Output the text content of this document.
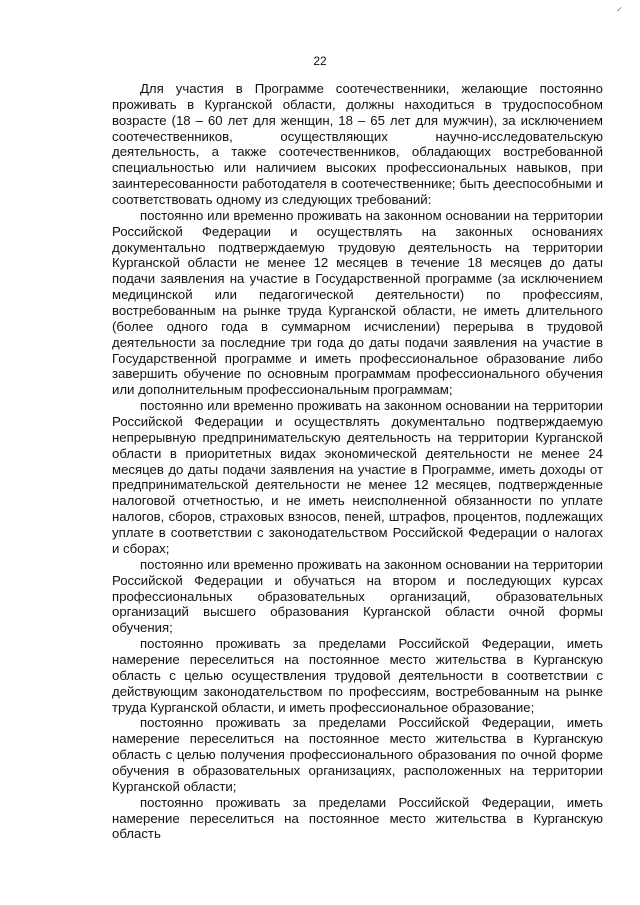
⸍
22

Для участия в Программе соотечественники, желающие постоянно проживать в Курганской области, должны находиться в трудоспособном возрасте (18 – 60 лет для женщин, 18 – 65 лет для мужчин), за исключением соотечественников, осуществляющих научно-исследовательскую деятельность, а также соотечественников, обладающих востребованной специальностью или наличием высоких профессиональных навыков, при заинтересованности работодателя в соотечественнике; быть дееспособными и соответствовать одному из следующих требований:

постоянно или временно проживать на законном основании на территории Российской Федерации и осуществлять на законных основаниях документально подтверждаемую трудовую деятельность на территории Курганской области не менее 12 месяцев в течение 18 месяцев до даты подачи заявления на участие в Государственной программе (за исключением медицинской или педагогической деятельности) по профессиям, востребованным на рынке труда Курганской области, не иметь длительного (более одного года в суммарном исчислении) перерыва в трудовой деятельности за последние три года до даты подачи заявления на участие в Государственной программе и иметь профессиональное образование либо завершить обучение по основным программам профессионального обучения или дополнительным профессиональным программам;

постоянно или временно проживать на законном основании на территории Российской Федерации и осуществлять документально подтверждаемую непрерывную предпринимательскую деятельность на территории Курганской области в приоритетных видах экономической деятельности не менее 24 месяцев до даты подачи заявления на участие в Программе, иметь доходы от предпринимательской деятельности не менее 12 месяцев, подтвержденные налоговой отчетностью, и не иметь неисполненной обязанности по уплате налогов, сборов, страховых взносов, пеней, штрафов, процентов, подлежащих уплате в соответствии с законодательством Российской Федерации о налогах и сборах;

постоянно или временно проживать на законном основании на территории Российской Федерации и обучаться на втором и последующих курсах профессиональных образовательных организаций, образовательных организаций высшего образования Курганской области очной формы обучения;

постоянно проживать за пределами Российской Федерации, иметь намерение переселиться на постоянное место жительства в Курганскую область с целью осуществления трудовой деятельности в соответствии с действующим законодательством по профессиям, востребованным на рынке труда Курганской области, и иметь профессиональное образование;

постоянно проживать за пределами Российской Федерации, иметь намерение переселиться на постоянное место жительства в Курганскую область с целью получения профессионального образования по очной форме обучения в образовательных организациях, расположенных на территории Курганской области;

постоянно проживать за пределами Российской Федерации, иметь намерение переселиться на постоянное место жительства в Курганскую область
